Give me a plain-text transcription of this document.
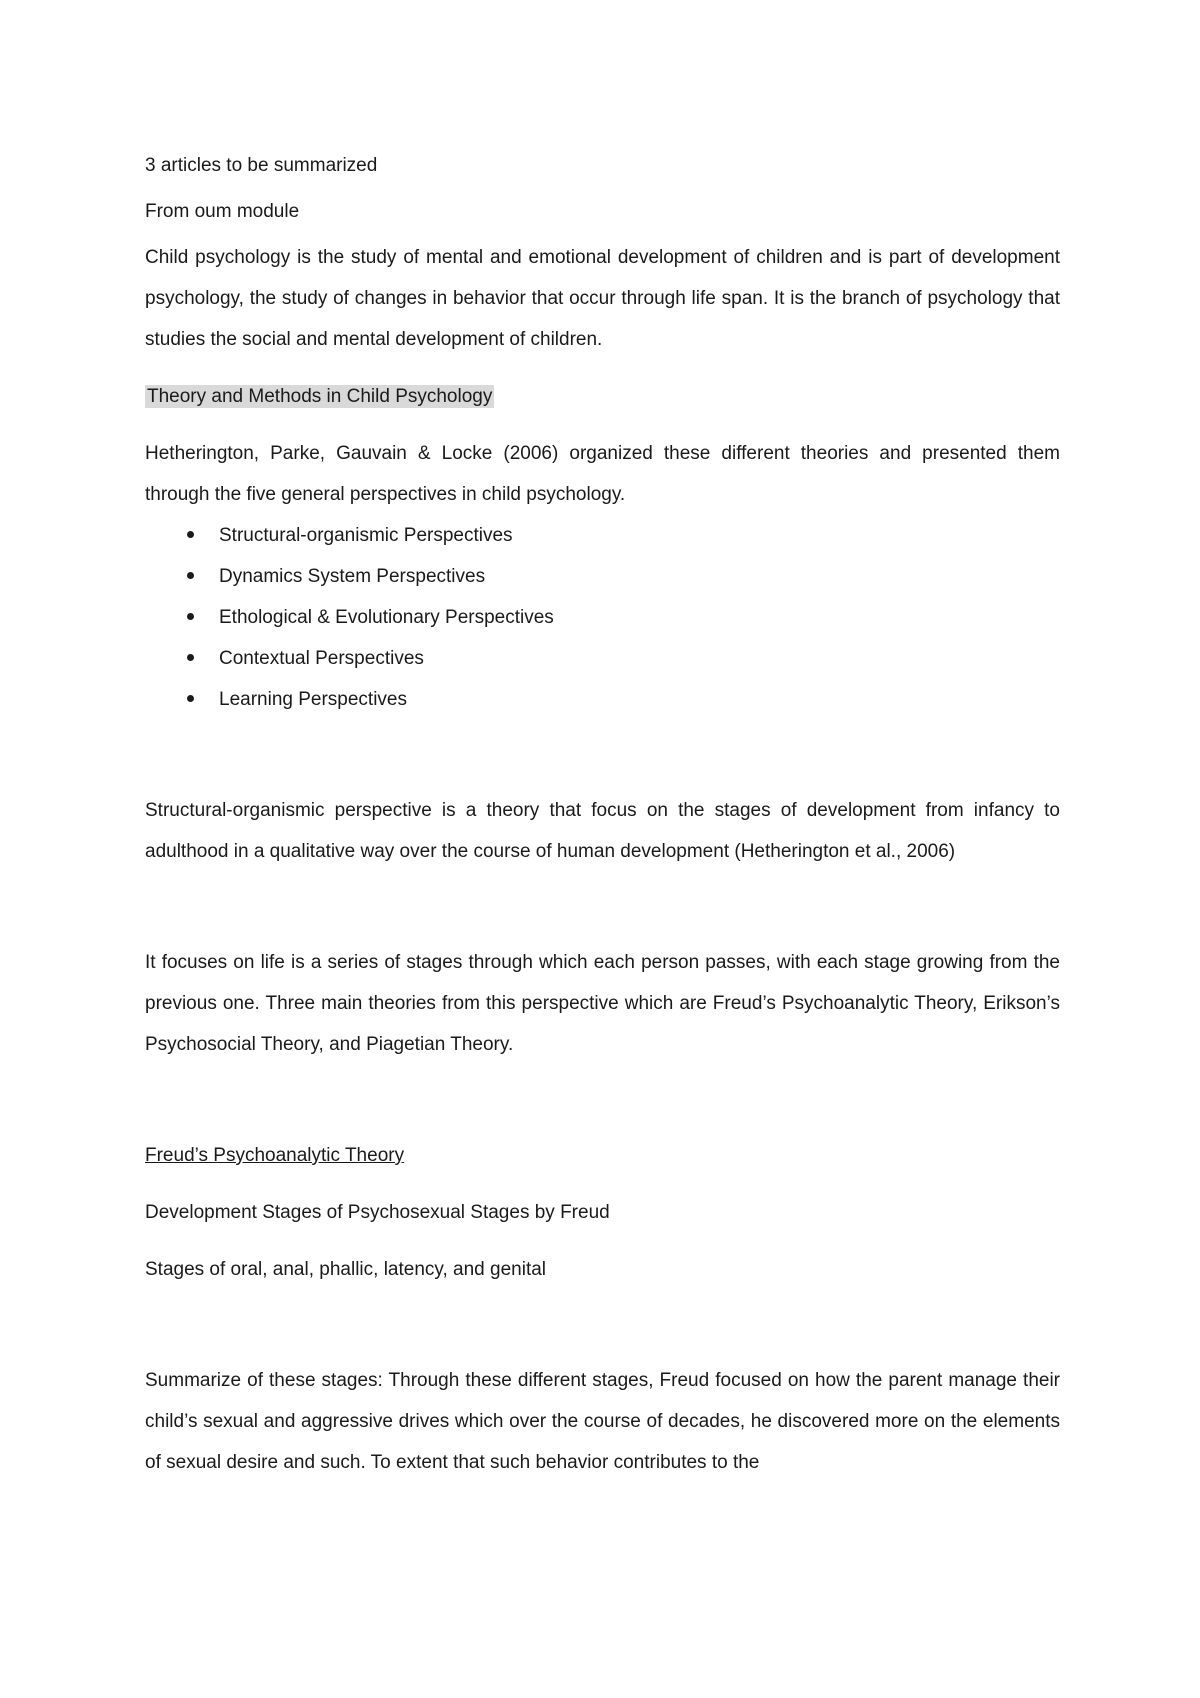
3 articles to be summarized

From oum module

Child psychology is the study of mental and emotional development of children and is part of development psychology, the study of changes in behavior that occur through life span. It is the branch of psychology that studies the social and mental development of children.

Theory and Methods in Child Psychology

Hetherington, Parke, Gauvain & Locke (2006) organized these different theories and presented them through the five general perspectives in child psychology.

Structural-organismic Perspectives
Dynamics System Perspectives
Ethological & Evolutionary Perspectives
Contextual Perspectives
Learning Perspectives

Structural-organismic perspective is a theory that focus on the stages of development from infancy to adulthood in a qualitative way over the course of human development (Hetherington et al., 2006)

It focuses on life is a series of stages through which each person passes, with each stage growing from the previous one. Three main theories from this perspective which are Freud’s Psychoanalytic Theory, Erikson’s Psychosocial Theory, and Piagetian Theory.

Freud’s Psychoanalytic Theory

Development Stages of Psychosexual Stages by Freud

Stages of oral, anal, phallic, latency, and genital

Summarize of these stages: Through these different stages, Freud focused on how the parent manage their child’s sexual and aggressive drives which over the course of decades, he discovered more on the elements of sexual desire and such. To extent that such behavior contributes to the
